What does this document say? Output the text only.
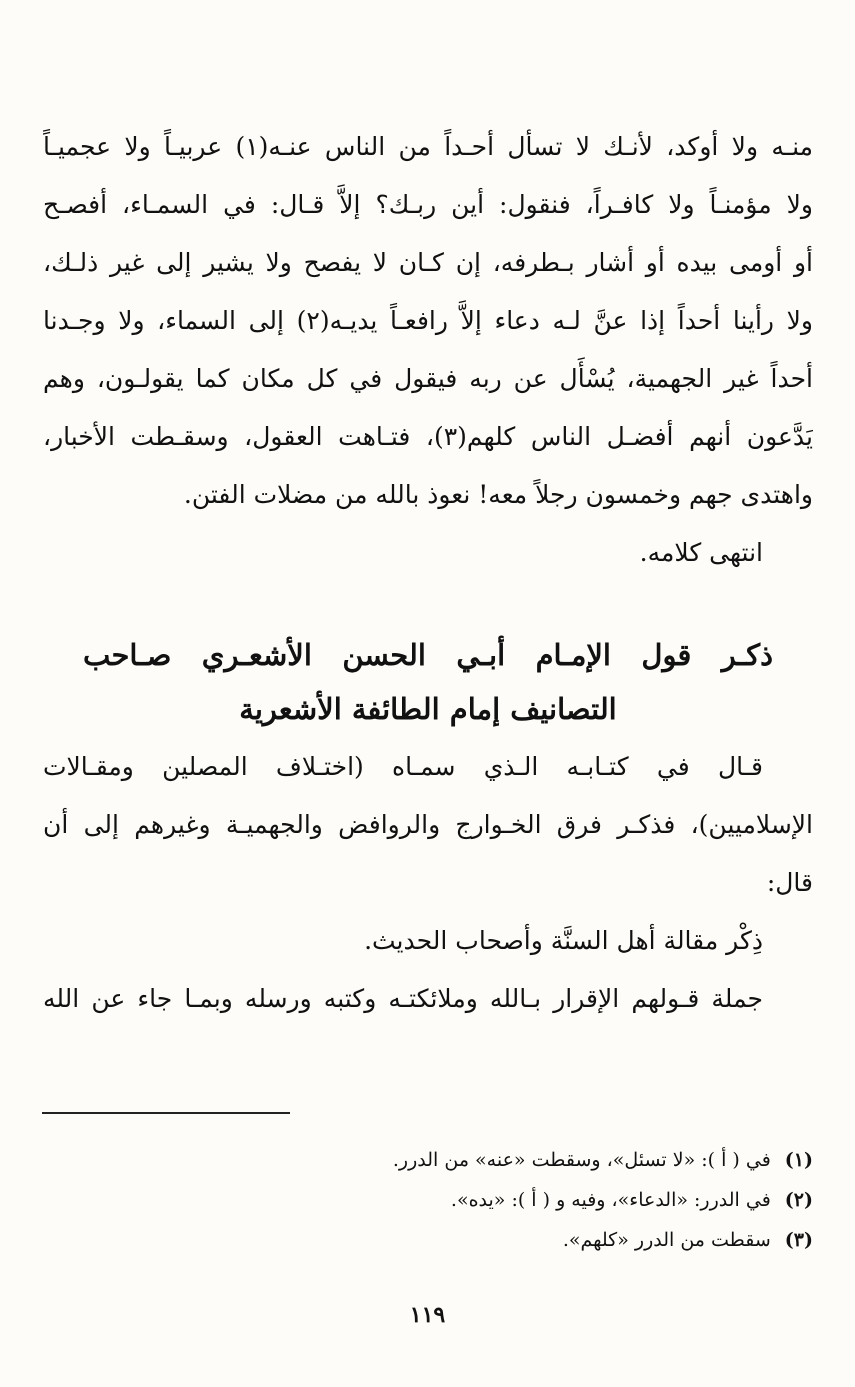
منـه ولا أوكد، لأنـك لا تسأل أحـداً من الناس عنـه(١) عربيـاً ولا عجميـاً

ولا مؤمنـاً ولا كافـراً، فنقول: أين ربـك؟ إلاَّ قـال: في السمـاء، أفصـح

أو أومى بيده أو أشار بـطرفه، إن كـان لا يفصح ولا يشير إلى غير ذلـك،

ولا رأينا أحداً إذا عنَّ لـه دعاء إلاَّ رافعـاً يديـه(٢) إلى السماء، ولا وجـدنا

أحداً غير الجهمية، يُسْأَل عن ربه فيقول في كل مكان كما يقولـون، وهم

يَدَّعون أنهم أفضـل الناس كلهم(٣)، فتـاهت العقول، وسقـطت الأخبار،

واهتدى جهم وخمسون رجلاً معه! نعوذ بالله من مضلات الفتن.

انتهى كلامه.

ذكـر قول الإمـام أبـي الحسن الأشعـري صـاحب
التصانيف إمام الطائفة الأشعرية

قـال في كتـابـه الـذي سمـاه (اختـلاف المصلين ومقـالات

الإسلاميين)، فذكـر فرق الخـوارج والروافض والجهميـة وغيرهم إلى أن

قال:

ذِكْر مقالة أهل السنَّة وأصحاب الحديث.

جملة قـولهم الإقرار بـالله وملائكتـه وكتبه ورسله وبمـا جاء عن الله

(١)في ( أ ): «لا تسئل»، وسقطت «عنه» من الدرر.
(٢)في الدرر: «الدعاء»، وفيه و ( أ ): «يده».
(٣)سقطت من الدرر «كلهم».
١١٩
